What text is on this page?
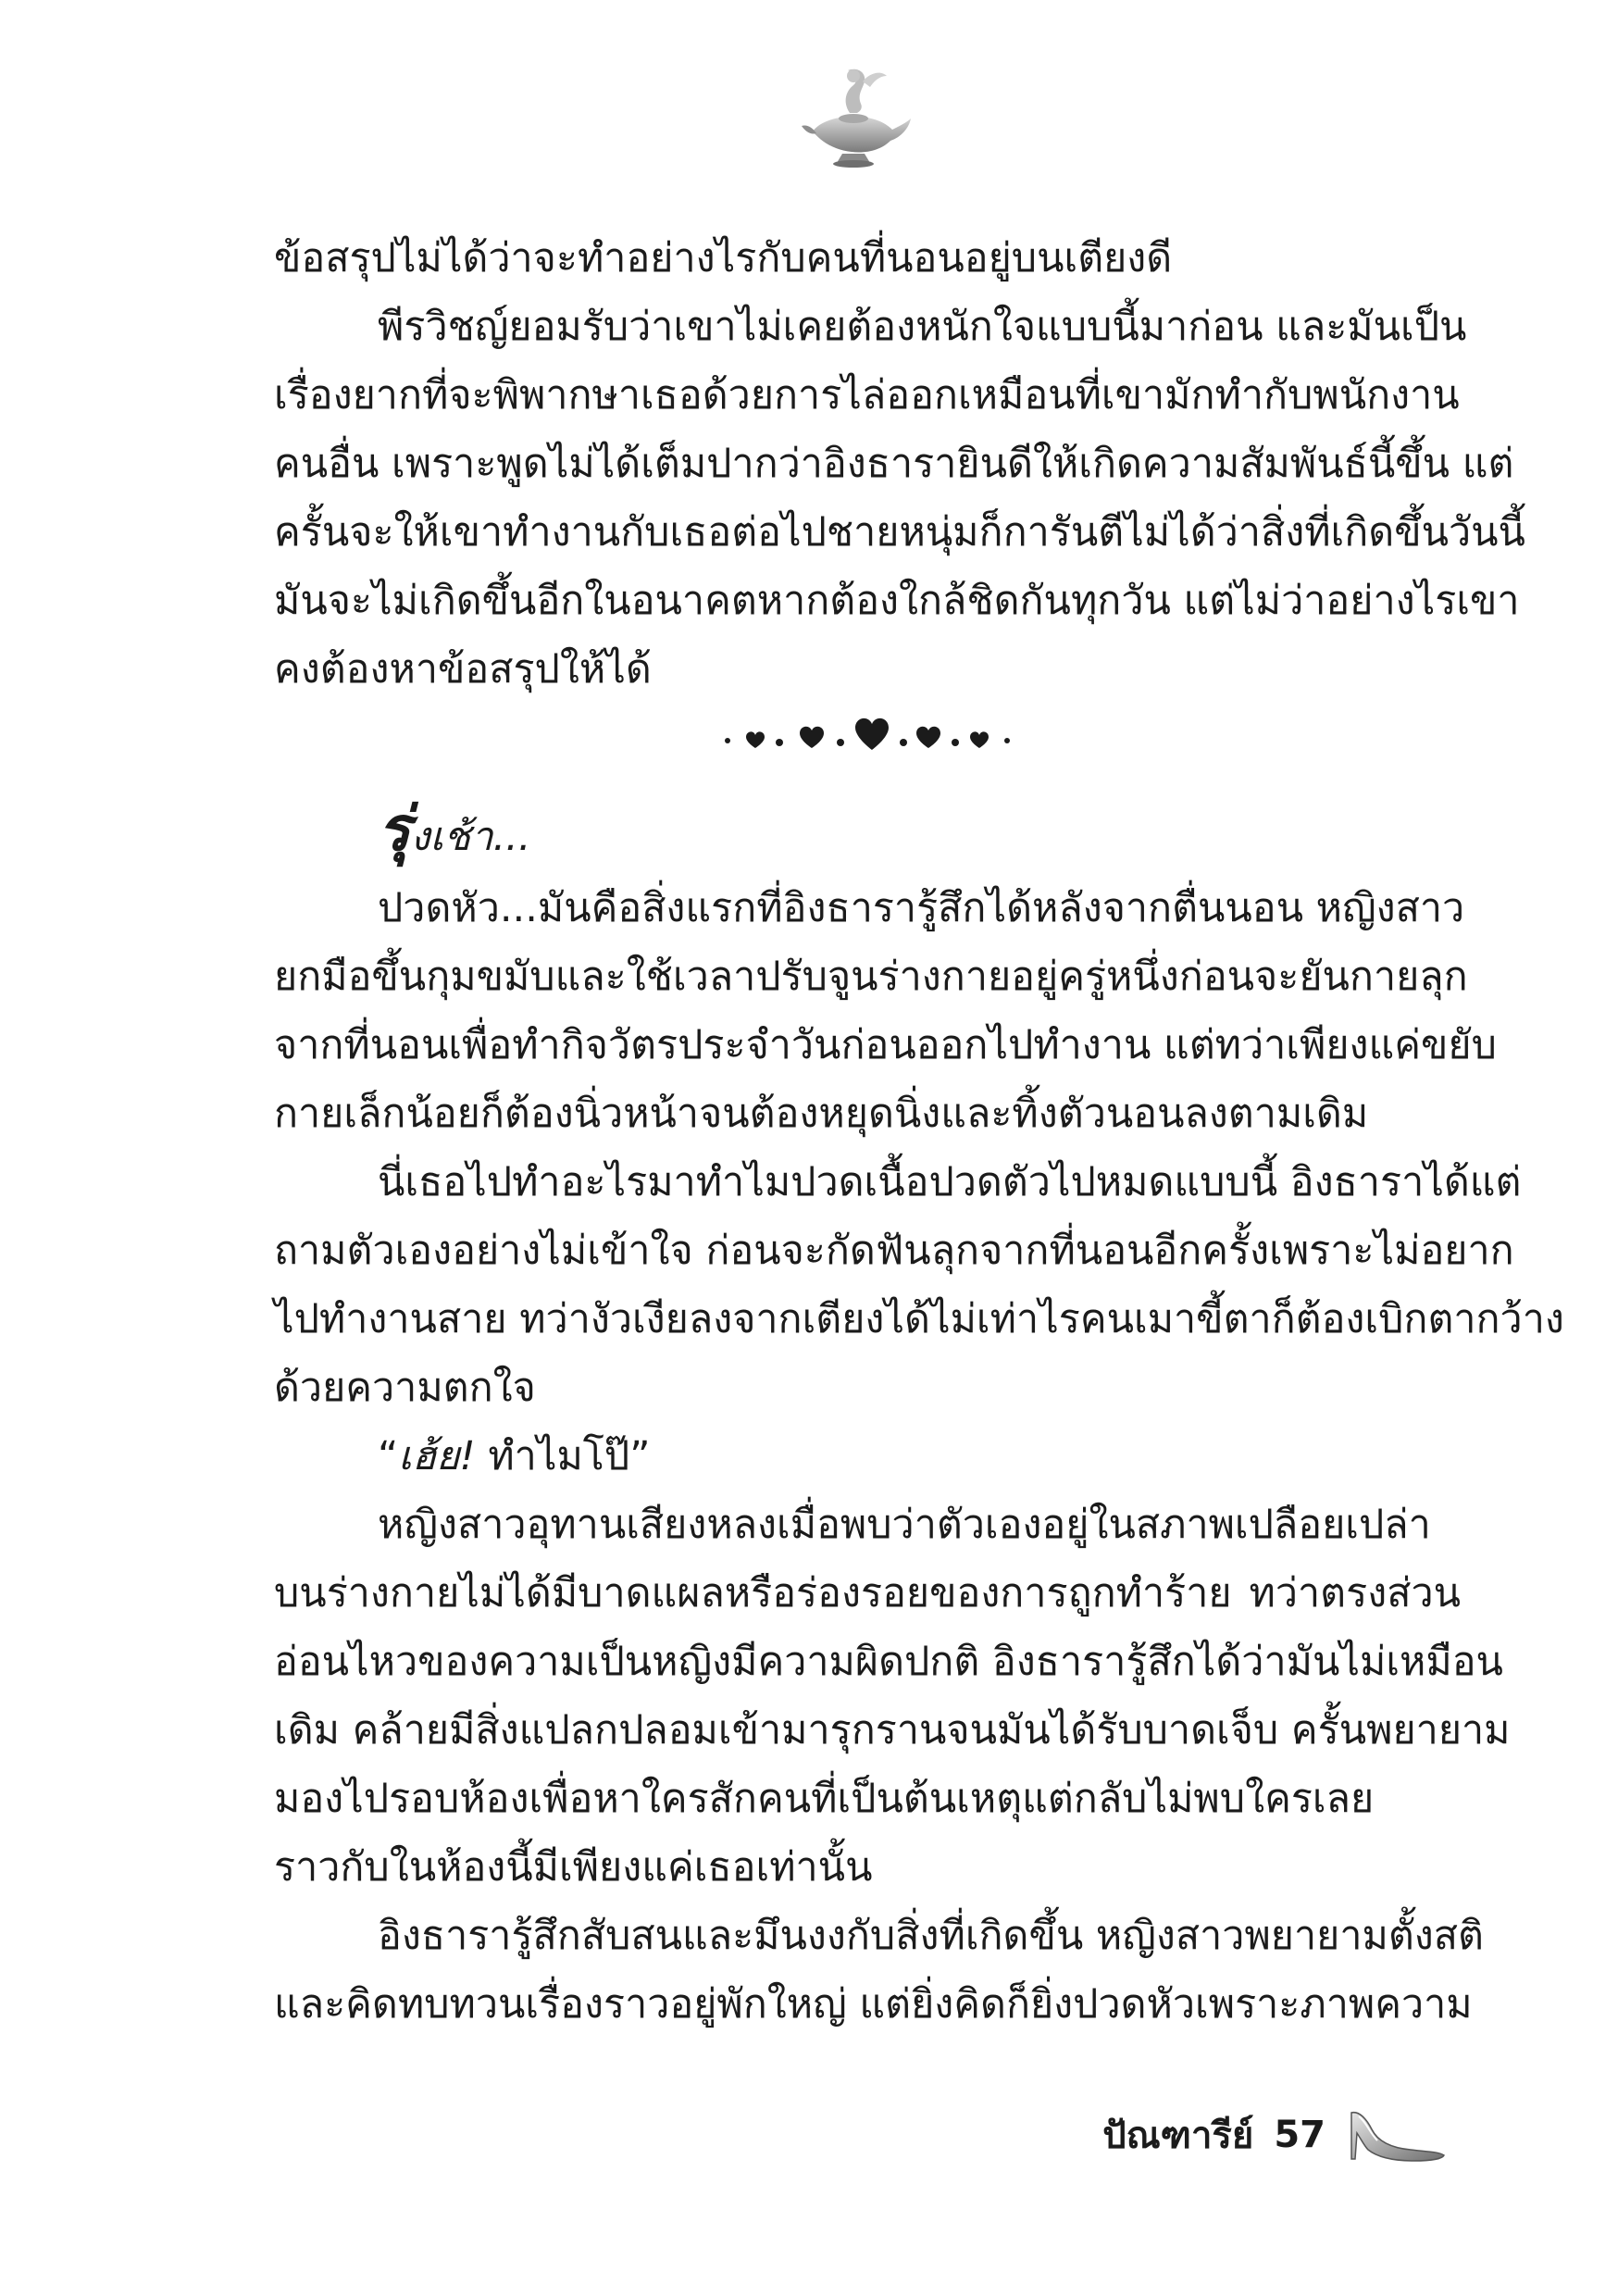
ข้อสรุปไม่ได้ว่าจะทำอย่างไรกับคนที่นอนอยู่บนเตียงดี
พีรวิชญ์ยอมรับว่าเขาไม่เคยต้องหนักใจแบบนี้มาก่อน และมันเป็น
เรื่องยากที่จะพิพากษาเธอด้วยการไล่ออกเหมือนที่เขามักทำกับพนักงาน
คนอื่น เพราะพูดไม่ได้เต็มปากว่าอิงธารายินดีให้เกิดความสัมพันธ์นี้ขึ้น แต่
ครั้นจะให้เขาทำงานกับเธอต่อไปชายหนุ่มก็การันตีไม่ได้ว่าสิ่งที่เกิดขึ้นวันนี้
มันจะไม่เกิดขึ้นอีกในอนาคตหากต้องใกล้ชิดกันทุกวัน แต่ไม่ว่าอย่างไรเขา
คงต้องหาข้อสรุปให้ได้
รุ่งเช้า...
ปวดหัว...มันคือสิ่งแรกที่อิงธารารู้สึกได้หลังจากตื่นนอน หญิงสาว
ยกมือขึ้นกุมขมับและใช้เวลาปรับจูนร่างกายอยู่ครู่หนึ่งก่อนจะยันกายลุก
จากที่นอนเพื่อทำกิจวัตรประจำวันก่อนออกไปทำงาน แต่ทว่าเพียงแค่ขยับ
กายเล็กน้อยก็ต้องนิ่วหน้าจนต้องหยุดนิ่งและทิ้งตัวนอนลงตามเดิม
นี่เธอไปทำอะไรมาทำไมปวดเนื้อปวดตัวไปหมดแบบนี้ อิงธาราได้แต่
ถามตัวเองอย่างไม่เข้าใจ ก่อนจะกัดฟันลุกจากที่นอนอีกครั้งเพราะไม่อยาก
ไปทำงานสาย ทว่างัวเงียลงจากเตียงได้ไม่เท่าไรคนเมาขี้ตาก็ต้องเบิกตากว้าง
ด้วยความตกใจ
“เฮ้ย! ทำไมโป๊”
หญิงสาวอุทานเสียงหลงเมื่อพบว่าตัวเองอยู่ในสภาพเปลือยเปล่า
บนร่างกายไม่ได้มีบาดแผลหรือร่องรอยของการถูกทำร้าย ทว่าตรงส่วน
อ่อนไหวของความเป็นหญิงมีความผิดปกติ อิงธารารู้สึกได้ว่ามันไม่เหมือน
เดิม คล้ายมีสิ่งแปลกปลอมเข้ามารุกรานจนมันได้รับบาดเจ็บ ครั้นพยายาม
มองไปรอบห้องเพื่อหาใครสักคนที่เป็นต้นเหตุแต่กลับไม่พบใครเลย
ราวกับในห้องนี้มีเพียงแค่เธอเท่านั้น
อิงธารารู้สึกสับสนและมึนงงกับสิ่งที่เกิดขึ้น หญิงสาวพยายามตั้งสติ
และคิดทบทวนเรื่องราวอยู่พักใหญ่ แต่ยิ่งคิดก็ยิ่งปวดหัวเพราะภาพความ
ปัณฑารีย์ 57
